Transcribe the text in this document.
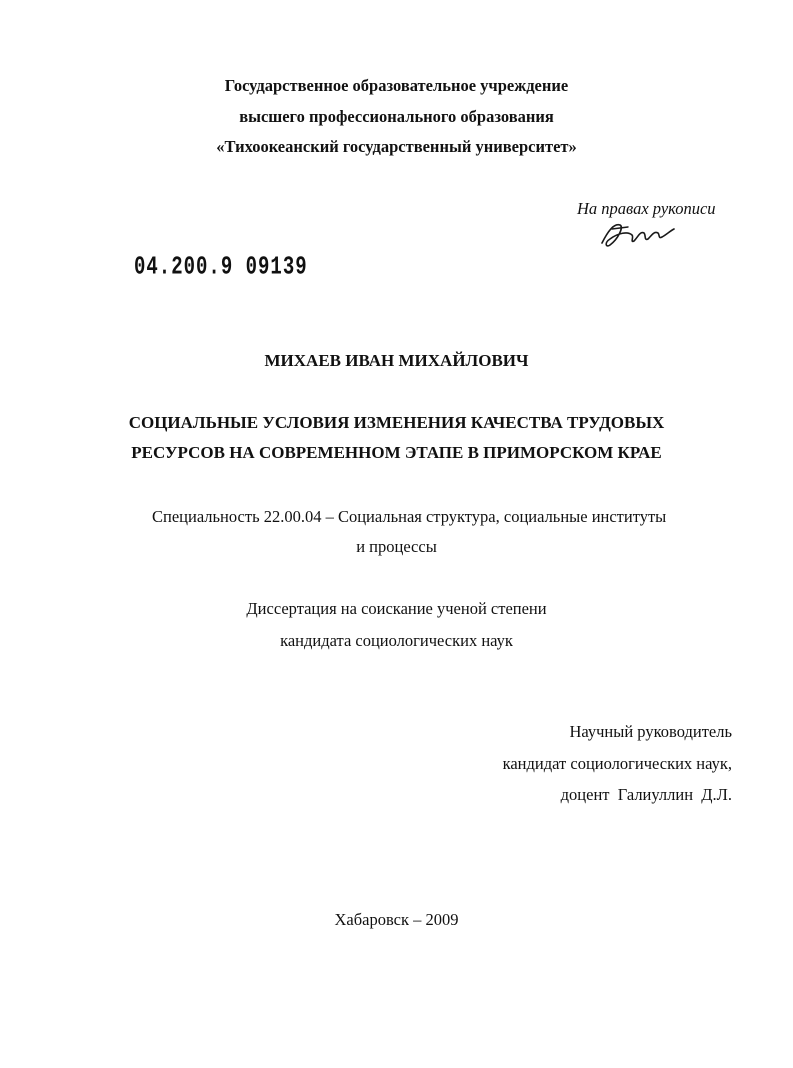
Государственное образовательное учреждение
высшего профессионального образования
«Тихоокеанский государственный университет»
На правах рукописи
04.200.9 09139
МИХАЕВ ИВАН МИХАЙЛОВИЧ
СОЦИАЛЬНЫЕ УСЛОВИЯ ИЗМЕНЕНИЯ КАЧЕСТВА ТРУДОВЫХ
РЕСУРСОВ НА СОВРЕМЕННОМ ЭТАПЕ В ПРИМОРСКОМ КРАЕ
Специальность 22.00.04 – Социальная структура, социальные институты
и процессы
Диссертация на соискание ученой степени
кандидата социологических наук
Научный руководитель
кандидат социологических наук,
доцент  Галиуллин  Д.Л.
Хабаровск – 2009
